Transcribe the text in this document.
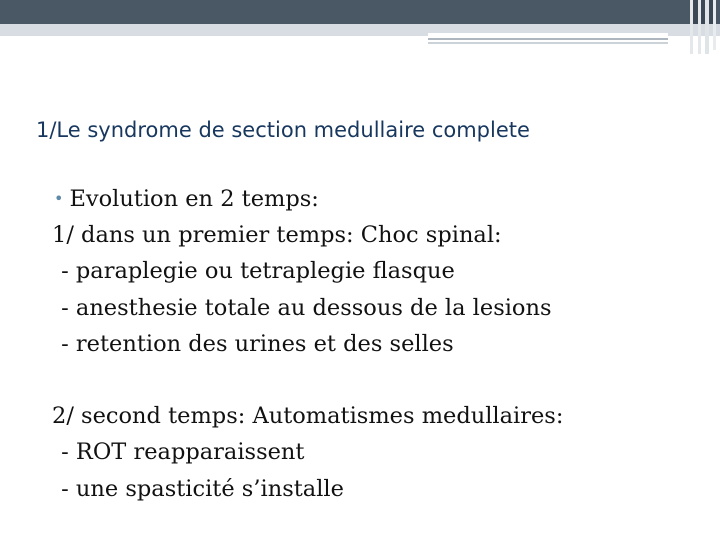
1/Le syndrome de section medullaire complete
• Evolution en 2 temps:
1/ dans un premier temps: Choc spinal:
- paraplegie ou tetraplegie flasque
- anesthesie totale au dessous de la lesions
- retention des urines et des selles
2/ second temps: Automatismes medullaires:
- ROT reapparaissent
- une spasticité s’installe
